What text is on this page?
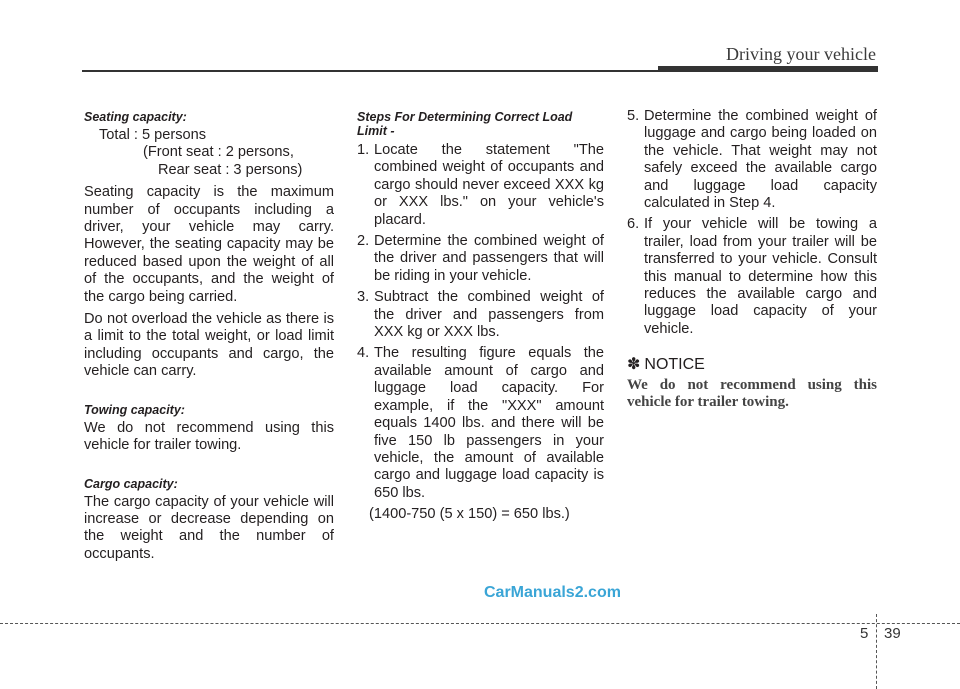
Driving your vehicle
Seating capacity:
Total : 5 persons
(Front seat : 2 persons,
Rear seat : 3 persons)

Seating capacity is the maximum number of occupants including a driver, your vehicle may carry. However, the seating capacity may be reduced based upon the weight of all of the occupants, and the weight of the cargo being carried.

Do not overload the vehicle as there is a limit to the total weight, or load limit including occupants and cargo, the vehicle can carry.

Towing capacity:

We do not recommend using this vehicle for trailer towing.

Cargo capacity:

The cargo capacity of your vehicle will increase or decrease depending on the weight and the number of occupants.

Steps For Determining Correct Load Limit -
1. Locate the statement "The combined weight of occupants and cargo should never exceed XXX kg or XXX lbs." on your vehicle's placard.
2. Determine the combined weight of the driver and passengers that will be riding in your vehicle.
3. Subtract the combined weight of the driver and passengers from XXX kg or XXX lbs.
4. The resulting figure equals the available amount of cargo and luggage load capacity. For example, if the "XXX" amount equals 1400 lbs. and there will be five 150 lb passengers in your vehicle, the amount of available cargo and luggage load capacity is 650 lbs.
(1400-750 (5 x 150) = 650 lbs.)
5. Determine the combined weight of luggage and cargo being loaded on the vehicle. That weight may not safely exceed the available cargo and luggage load capacity calculated in Step 4.
6. If your vehicle will be towing a trailer, load from your trailer will be transferred to your vehicle. Consult this manual to determine how this reduces the available cargo and luggage load capacity of your vehicle.
✽ NOTICE
We do not recommend using this vehicle for trailer towing.
CarManuals2.com
5 39
